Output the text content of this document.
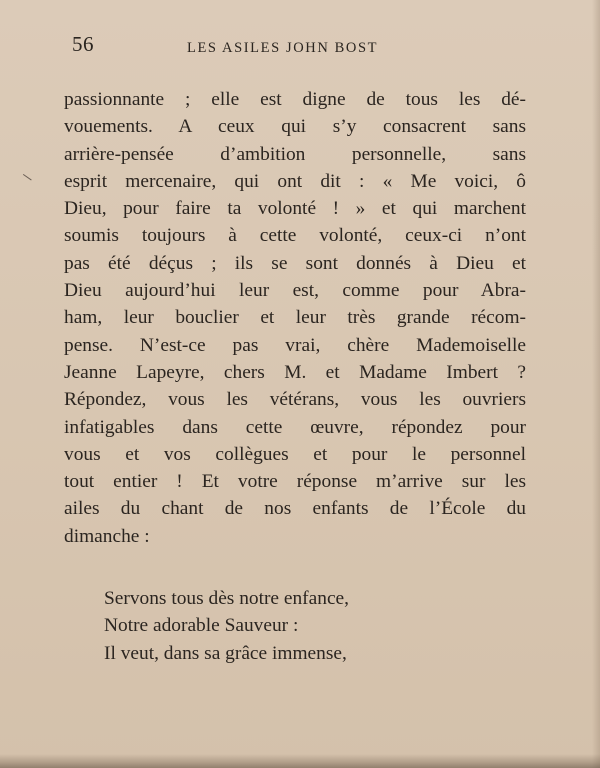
56	LES ASILES JOHN BOST
passionnante ; elle est digne de tous les dé-
vouements. A ceux qui s’y consacrent sans
arrière-pensée d’ambition personnelle, sans
esprit mercenaire, qui ont dit : « Me voici, ô
Dieu, pour faire ta volonté ! » et qui marchent
soumis toujours à cette volonté, ceux-ci n’ont
pas été déçus ; ils se sont donnés à Dieu et
Dieu aujourd’hui leur est, comme pour Abra-
ham, leur bouclier et leur très grande récom-
pense. N’est-ce pas vrai, chère Mademoiselle
Jeanne Lapeyre, chers M. et Madame Imbert ?
Répondez, vous les vétérans, vous les ouvriers
infatigables dans cette œuvre, répondez pour
vous et vos collègues et pour le personnel
tout entier ! Et votre réponse m’arrive sur les
ailes du chant de nos enfants de l’École du
dimanche :
Servons tous dès notre enfance,
Notre adorable Sauveur :
Il veut, dans sa grâce immense,
